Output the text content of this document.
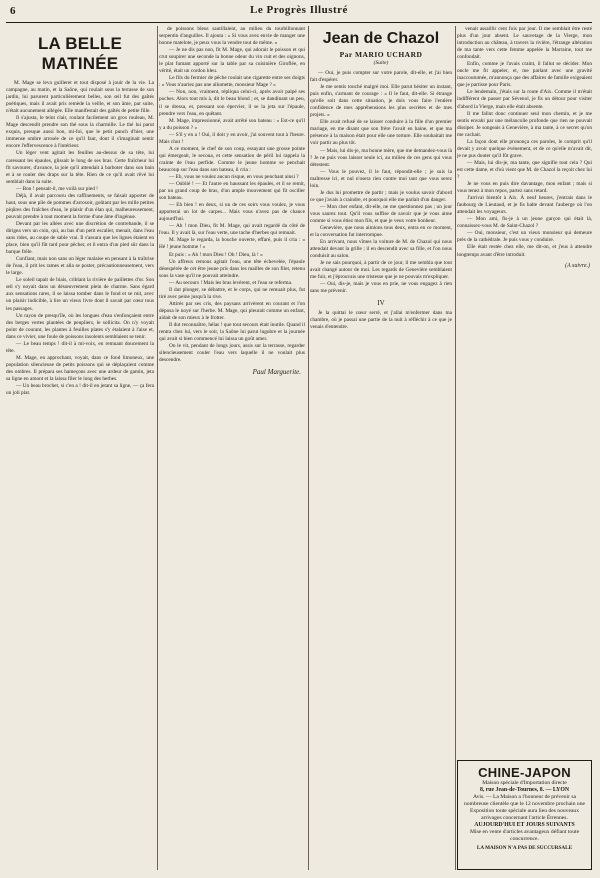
6	Le Progrès Illustré
LA BELLE MATINÉE

M. Mage se leva guilleret et tout disposé à jouir de la vie. La campagne, au matin, et la Saône, qui roulait sous la terrasse de son jardin, lui parurent particulièrement belles, son œil fut des gaîtés poétiques, mais il avait pris remède la veille, et son âme, par suite, n'était aucunement allégée. Elle manifestait des gaîtés de petite fille.

Il s'ajusta, le teint clair, roulant facilement un gros rouleau, M. Mage descendit prendre son thé sous la charmille. Le thé lui parut exquis, presque aussi bon, mi-foi, que le petit punch d'hier, une immense ombre arrosée de ce qu'il faut, dont il s'imaginait sentir encore l'effervescence à l'intérieur.

Un léger vent agitait les feuilles au-dessus de sa tête, lui caressant les épaules, glissait le long de ses bras. Cette fraîcheur lui fit savourer, d'avance, la joie qu'il attendait à barboter dans son bain et à se rouler des draps sur la tête. Rien de ce qu'il avait rêvé lui semblait dans la suite.

— Bon ! pensait-il, me voilà sur pied !

Déjà, il avait parcouru des raffinements, se faisait apporter de haut, sous une pile de pommes d'arrosoir, goûtant par les mille petites piqûres des fraîches d'eau, le plaisir d'un élan qui, malheureusement, pouvait prendre à tout moment la forme d'une âme d'ingénue.

Devant par les allées avec une discrétion de contrebande, il se dirigea vers un coin, qui, au bas d'un petit escalier, menait, dans l'eau sans rides, au coupe de sable vrai. Il s'assura que les lignes étaient en place, bien qu'il fût tard pour pêcher, et il entra d'un pied sûr dans la barque frêle.

Confiant, mais non sans un léger malaise en pensant à la traîtrise de l'eau, il prit les rames et alla se poster, précautionneusement, vers le large.

Le soleil tapait de biais, criblant la rivière de paillettes d'or. Son œil s'y noyait dans un désœuvrement plein de charme. Sans égard aux sensations rares, il se laissa tomber dans le fond et se mit, avec un plaisir indicible, à lire un vieux livre dont il savait par cœur tous les passages.

Un rayon de presqu'île, où les longues d'eau s'enfonçaient entre des berges vertes plantées de peupliers, le sollicita. On n'y voyait point de courant, les plantes à feuilles plates s'y étalaient à l'aise et, dans ce vivier, une foule de poissons insolents semblaient se tenir.

— Le beau temps ! dit-il à mi-voix, en remuant doucement la tête.

M. Mage, en approchant, voyait, dans ce fond limoneux, une population silencieuse de petits poissons qui se déplaçaient comme des ombres. Il prépara ses hameçons avec une ardeur de gamin, jeta sa ligne en amont et la laissa filer le long des herbes.

— Un beau brochet, si c'en a ! dit-il en jetant sa ligne, — ça fera un joli plat.

de poissons bleus sautillaient, au milieu du tourbillonnant serpentin d'anguilles. Il ajouta : « Si vous avez envie de manger une bonne matelote, je peux vous la vendre tout de même. »

— Je ne dis pas non, fit M. Mage, qui adorait le poisson et qui crut soupirer une seconde la bonne odeur du vin cuit et des oignons, le plat fumant apporté sur la table par sa cuisinière Giroflée, en vérité, était un cordon bleu.

Le fils du fermier de pêche roulait une cigarette entre ses doigts : « Vous n'auriez pas une allumette, monsieur Mage ? »

— Non, non, vraiment, répliqua celui-ci, après avoir palpé ses poches. Alors tout mis à, dit le beau blond ; et, se dandinant un peu, il se dressa, et, pressant son épervier, il se la jeta sur l'épaule, prendre vers l'eau, en quêtant.

M. Mage, impressionné, avait arrêté son bateau : « Est-ce qu'il y a du poisson ? »

— S'il y en a ! Oui, il doit y en avoir, j'ai souvent tout à l'heure. Mais chut !

A ce moment, le chef de son coup, essayant une grosse pointe qui émergeait, le secoua, et cette sensation de péril lui rappela la crainte de l'eau perfide. Comme le jeune homme se penchait beaucoup sur l'eau dans son bateau, il cria :

— Eh, vous ne voulez aucun risque, en vous penchant ainsi ?

— Oublié ! — Et l'autre en haussant les épaules, et il se remit, par un grand coup de bras, d'un ample mouvement qui fit osciller son bateau.

— Eh bien ! en deux, si un de ces soirs vous voulez, je vous apporterai un lot de carpes... Mais vous n'avez pas de chance aujourd'hui.

— Ah ! mon Dieu, fit M. Mage, qui avait regardé du côté de l'eau. Il y avait là, sur l'eau verte, une tache d'herbes qui remuait.

M. Mage le regarda, la bouche ouverte, effaré, puis il cria : « Hé ! jeune homme ! »

Et puis : « Ah ! mon Dieu ! Oh ! Dieu, là ! »

Un affreux remous agitait l'eau, une tête échevelée, l'épaule désespérée de cet être jeune pris dans les mailles de son filet, retenu sous la vase qu'il ne pouvait atteindre.

— Au secours ! Mais les bras levèrent, et l'eau se referma.

Il dut plonger, se débattre, et le corps, qui ne remuait plus, fut tiré avec peine jusqu'à la rive.

Attirés par ses cris, des paysans arrivèrent en courant et l'on déposa le noyé sur l'herbe. M. Mage, qui pleurait comme un enfant, aidait de son mieux à le frotter.

Il dut reconnaître, hélas ! que tout secours était inutile. Quand il rentra chez lui, vers le soir, la Saône lui parut lugubre et la journée qui avait si bien commencé lui laissa un goût amer.

On le vit, pendant de longs jours, assis sur la terrasse, regarder silencieusement couler l'eau vers laquelle il ne voulait plus descendre.

Paul Marguerite.
Jean de Chazol
Par MARIO UCHARD
(Suite)

— Oui, je puis compter sur votre parole, dit-elle, et j'ai bien fait d'espérer.

Je me sentis touché malgré moi. Elle parut hésiter un instant, puis enfin, s'armant de courage : « Il le faut, dit-elle. Si étrange qu'elle soit dans cette situation, je dois vous faire l'entière confidence de mes appréhensions les plus secrètes et de mes projets. »

Elle avait refusé de se laisser conduire à la fille d'un premier mariage, en me disant que son frère l'avait en haine, et que ma présence à la maison était pour elle une torture. Elle souhaitait me voir partir au plus tôt.

— Mais, lui dis-je, ma bonne mère, que me demandez-vous là ? Je ne puis vous laisser seule ici, au milieu de ces gens qui vous détestent.

— Vous le pouvez, il le faut, répondit-elle ; je suis la maîtresse ici, et nul n'osera rien contre moi tant que vous serez loin.

Je dus lui promettre de partir ; mais je voulus savoir d'abord ce que j'avais à craindre, et pourquoi elle me parlait d'un danger.

— Mon cher enfant, dit-elle, ne me questionnez pas ; un jour vous saurez tout. Qu'il vous suffise de savoir que je vous aime comme si vous étiez mon fils, et que je veux votre bonheur.

Genevière, que nous aimions tous deux, entra en ce moment, et la conversation fut interrompue.

En arrivant, nous vîmes la voiture de M. de Chazol qui nous attendait devant la grille ; il en descendit avec sa fille, et l'on nous conduisit au salon.

Je ne sais pourquoi, à partir de ce jour, il me sembla que tout avait changé autour de moi. Les regards de Genevière semblaient me fuir, et j'éprouvais une tristesse que je ne pouvais m'expliquer.

— Oui, dis-je, mais je vous en prie, ne vous engagez à rien sans me prévenir.

IV

Je la quittai le cœur serré, et j'allai m'enfermer dans ma chambre, où je passai une partie de la nuit à réfléchir à ce que je venais d'entendre.

venait assaillir cent fois par jour. Il me semblait être resté plus d'un jour absent. Le sauvetage de la Vierge, mon introduction au château, à travers la rivière, l'étrange altération de ma tante vers cette femme appelée la Marraine, tout me confondait.

Enfin, comme je l'avais craint, il fallut se décider. Mon oncle me fit appeler, et, me parlant avec une gravité inaccoutumée, m'annonça que des affaires de famille exigeaient que je partisse pour Paris.

Le lendemain, j'étais sur la route d'Aix. Comme il m'était indifférent de passer par Sévenol, je fis un détour pour visiter d'abord la Vierge, mais elle était absente.

Il me fallut donc continuer seul mon chemin, et je me sentis envahi par une mélancolie profonde que rien ne pouvait dissiper. Je songeais à Genevière, à ma tante, à ce secret qu'on me cachait.

La façon dont elle prononça ces paroles, le comprit qu'il devait y avoir quelque événement, et de ce qu'elle m'avait dit, je ne pus douter qu'il fût grave.

— Mais, lui dis-je, ma tante, que signifie tout cela ? Qui est cette dame, et d'où vient que M. de Chazol la reçoit chez lui ?

Je ne vous en puis dire davantage, mon enfant ; mais si vous tenez à mon repos, partez sans retard.

J'arrivai bientôt à Aix. À neuf heures, j'entrais dans le faubourg de Lieutaud, et je fis halte devant l'auberge où l'on attendait les voyageurs.

— Mon ami, fis-je à un jeune garçon qui était là, connaissez-vous M. de Saint-Chazol ?

— Oui, monsieur, c'est un vieux monsieur qui demeure près de la cathédrale. Je puis vous y conduire.

Elle était restée chez elle, me dit-on, et j'eus à attendre longtemps avant d'être introduit.

(A suivre.)
CHINE-JAPON
Maison spéciale d'Importation directe
8, rue Jean-de-Tournes, 8. — LYON
Avis. — La Maison a l'honneur de prévenir sa nombreuse clientèle que le 12 novembre prochain une Exposition toute spéciale aura lieu des nouveaux arrivages concernant l'article Étrennes.
AUJOURD'HUI ET JOURS SUIVANTS
Mise en vente d'articles avantageux défiant toute concurrence.
LA MAISON N'A PAS DE SUCCURSALE
